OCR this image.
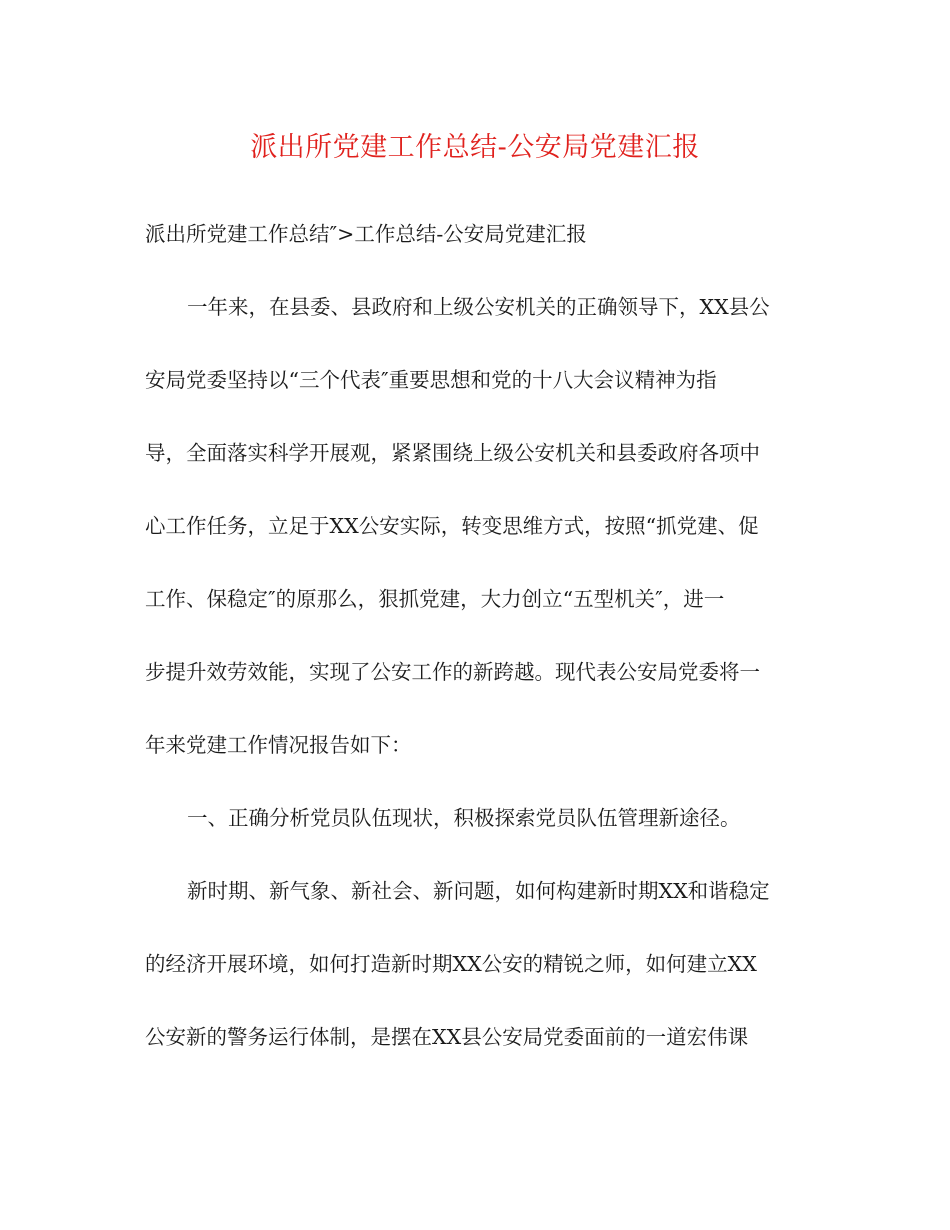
派出所党建工作总结-公安局党建汇报
派出所党建工作总结″>工作总结-公安局党建汇报
一年来，在县委、县政府和上级公安机关的正确领导下，XX县公
安局党委坚持以“三个代表″重要思想和党的十八大会议精神为指
导，全面落实科学开展观，紧紧围绕上级公安机关和县委政府各项中
心工作任务，立足于XX公安实际，转变思维方式，按照“抓党建、促
工作、保稳定″的原那么，狠抓党建，大力创立“五型机关″，进一
步提升效劳效能，实现了公安工作的新跨越。现代表公安局党委将一
年来党建工作情况报告如下：
一、正确分析党员队伍现状，积极探索党员队伍管理新途径。
新时期、新气象、新社会、新问题，如何构建新时期XX和谐稳定
的经济开展环境，如何打造新时期XX公安的精锐之师，如何建立XX
公安新的警务运行体制，是摆在XX县公安局党委面前的一道宏伟课
